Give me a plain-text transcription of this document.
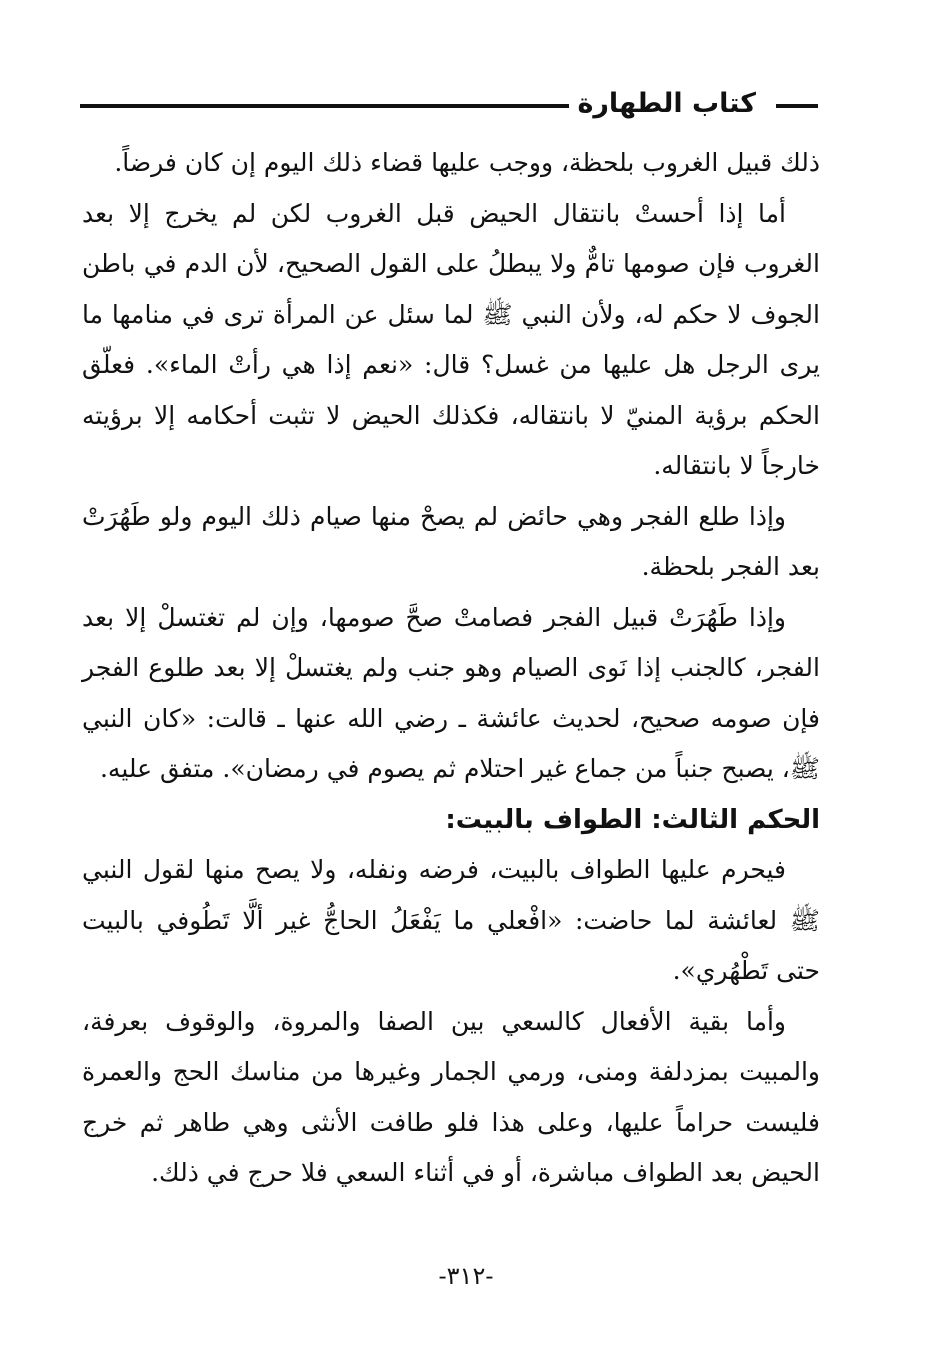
كتاب الطهارة

ذلك قبيل الغروب بلحظة، ووجب عليها قضاء ذلك اليوم إن كان فرضاً.

أما إذا أحستْ بانتقال الحيض قبل الغروب لكن لم يخرج إلا بعد الغروب فإن صومها تامٌّ ولا يبطلُ على القول الصحيح، لأن الدم في باطن الجوف لا حكم له، ولأن النبي ﷺ لما سئل عن المرأة ترى في منامها ما يرى الرجل هل عليها من غسل؟ قال: «نعم إذا هي رأتْ الماء». فعلّق الحكم برؤية المنيّ لا بانتقاله، فكذلك الحيض لا تثبت أحكامه إلا برؤيته خارجاً لا بانتقاله.

وإذا طلع الفجر وهي حائض لم يصحْ منها صيام ذلك اليوم ولو طَهُرَتْ بعد الفجر بلحظة.

وإذا طَهُرَتْ قبيل الفجر فصامتْ صحَّ صومها، وإن لم تغتسلْ إلا بعد الفجر، كالجنب إذا نَوى الصيام وهو جنب ولم يغتسلْ إلا بعد طلوع الفجر فإن صومه صحيح، لحديث عائشة ـ رضي الله عنها ـ قالت: «كان النبي ﷺ، يصبح جنباً من جماع غير احتلام ثم يصوم في رمضان». متفق عليه.

الحكم الثالث: الطواف بالبيت:

فيحرم عليها الطواف بالبيت، فرضه ونفله، ولا يصح منها لقول النبي ﷺ لعائشة لما حاضت: «افْعلي ما يَفْعَلُ الحاجُّ غير ألَّا تَطُوفي بالبيت حتى تَطْهُري».

وأما بقية الأفعال كالسعي بين الصفا والمروة، والوقوف بعرفة، والمبيت بمزدلفة ومنى، ورمي الجمار وغيرها من مناسك الحج والعمرة فليست حراماً عليها، وعلى هذا فلو طافت الأنثى وهي طاهر ثم خرج الحيض بعد الطواف مباشرة، أو في أثناء السعي فلا حرج في ذلك.

-٣١٢-
